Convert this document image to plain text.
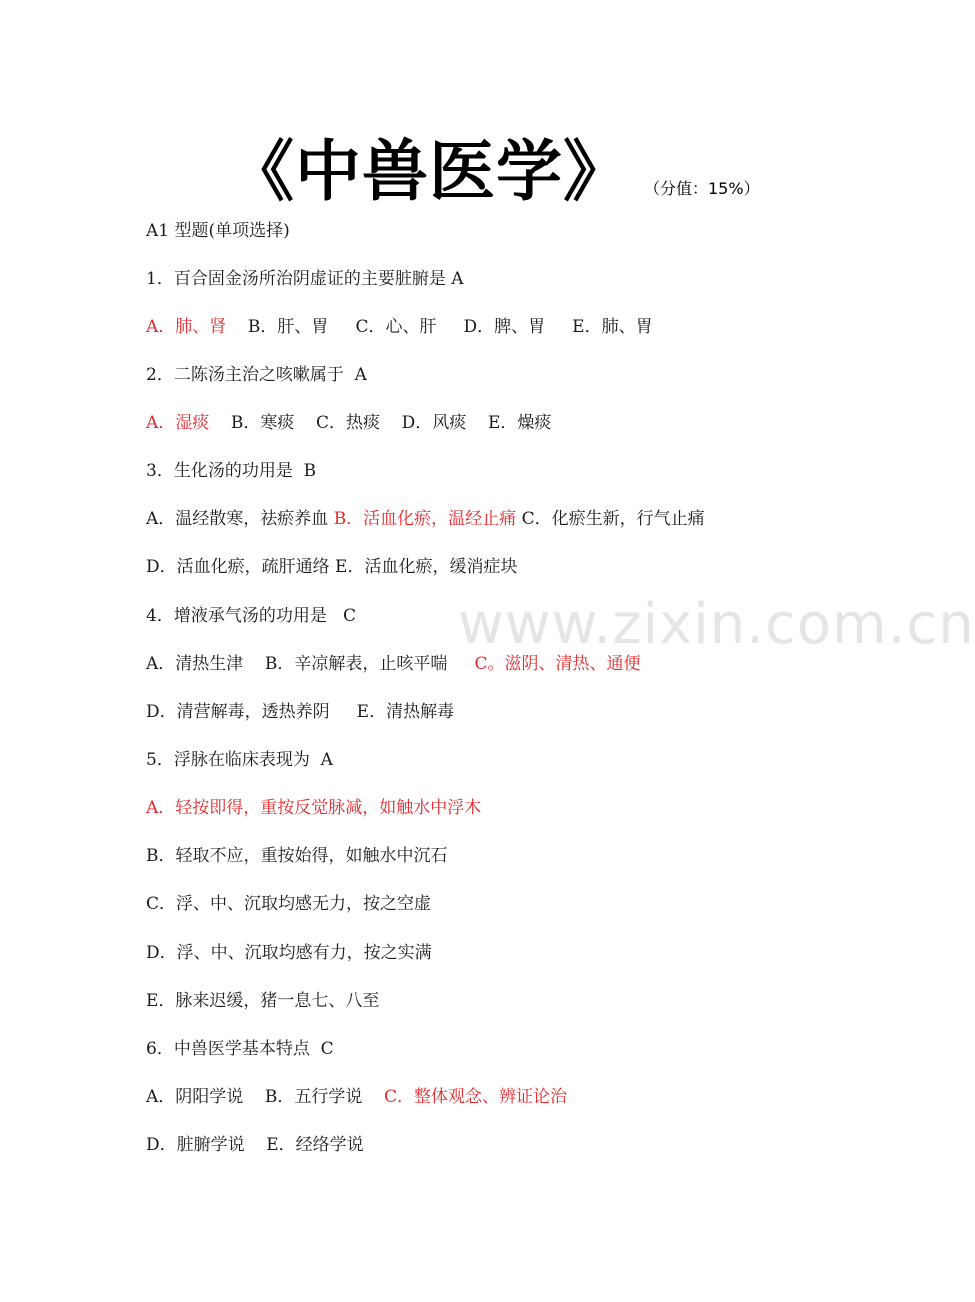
《中兽医学》 （分值：15%）
A1 型题(单项选择)
1．百合固金汤所治阴虚证的主要脏腑是 A
A．肺、肾 B．肝、胃 C．心、肝 D．脾、胃 E．肺、胃
2．二陈汤主治之咳嗽属于  A
A．湿痰 B．寒痰 C．热痰 D．风痰 E．燥痰
3．生化汤的功用是  B
A．温经散寒，祛瘀养血 B．活血化瘀，温经止痛 C．化瘀生新，行气止痛
D．活血化瘀，疏肝通络 E．活血化瘀，缓消症块
4．增液承气汤的功用是   C
A．清热生津 B．辛凉解表，止咳平喘 C。滋阴、清热、通便
D．清营解毒，透热养阴 E．清热解毒
5．浮脉在临床表现为  A
A．轻按即得，重按反觉脉减，如触水中浮木
B．轻取不应，重按始得，如触水中沉石
C．浮、中、沉取均感无力，按之空虚
D．浮、中、沉取均感有力，按之实满
E．脉来迟缓，猪一息七、八至
6．中兽医学基本特点  C
A．阴阳学说 B．五行学说 C．整体观念、辨证论治
D．脏腑学说 E．经络学说
www.zixin.com.cn
